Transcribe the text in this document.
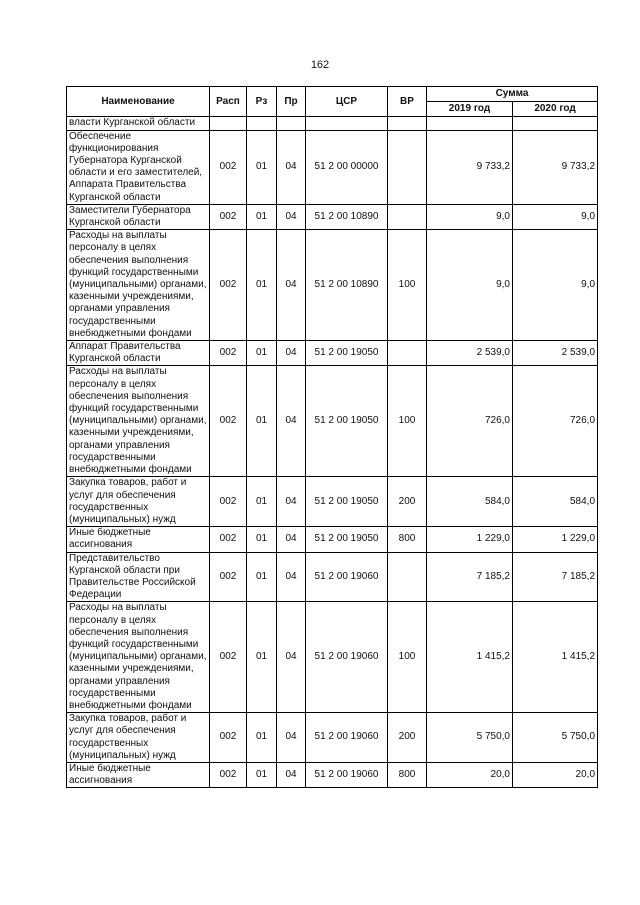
162
Наименование	Расп	Рз	Пр	ЦСР	ВР	Сумма	
						2019 год	2020 год
власти Курганской области							
Обеспечение функционирования Губернатора Курганской области и его заместителей, Аппарата Правительства Курганской области	002	01	04	51 2 00 00000		9 733,2	9 733,2
Заместители Губернатора Курганской области	002	01	04	51 2 00 10890		9,0	9,0
Расходы на выплаты персоналу в целях обеспечения выполнения функций государственными (муниципальными) органами, казенными учреждениями, органами управления государственными внебюджетными фондами	002	01	04	51 2 00 10890	100	9,0	9,0
Аппарат Правительства Курганской области	002	01	04	51 2 00 19050		2 539,0	2 539,0
Расходы на выплаты персоналу в целях обеспечения выполнения функций государственными (муниципальными) органами, казенными учреждениями, органами управления государственными внебюджетными фондами	002	01	04	51 2 00 19050	100	726,0	726,0
Закупка товаров, работ и услуг для обеспечения государственных (муниципальных) нужд	002	01	04	51 2 00 19050	200	584,0	584,0
Иные бюджетные ассигнования	002	01	04	51 2 00 19050	800	1 229,0	1 229,0
Представительство Курганской области при Правительстве Российской Федерации	002	01	04	51 2 00 19060		7 185,2	7 185,2
Расходы на выплаты персоналу в целях обеспечения выполнения функций государственными (муниципальными) органами, казенными учреждениями, органами управления государственными внебюджетными фондами	002	01	04	51 2 00 19060	100	1 415,2	1 415,2
Закупка товаров, работ и услуг для обеспечения государственных (муниципальных) нужд	002	01	04	51 2 00 19060	200	5 750,0	5 750,0
Иные бюджетные ассигнования	002	01	04	51 2 00 19060	800	20,0	20,0
